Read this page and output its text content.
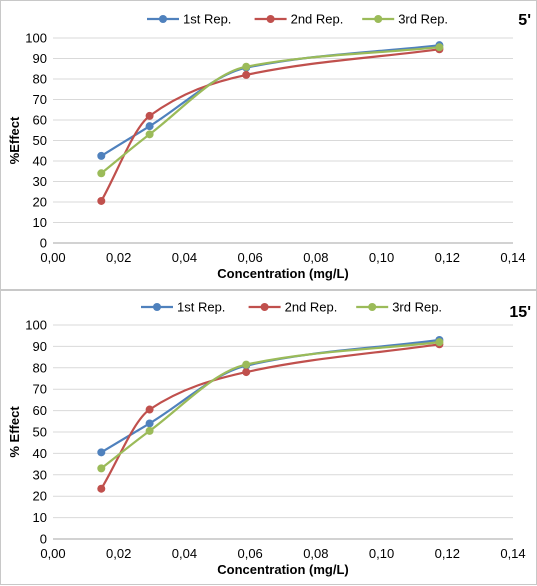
0
10
20
30
40
50
60
70
80
90
100
0,00	0,02	0,04	0,06	0,08	0,10	0,12	0,14
Concentration (mg/L)
%Effect
1st Rep.	2nd Rep.	3rd Rep.	5'
0
10
20
30
40
50
60
70
80
90
100
0,00	0,02	0,04	0,06	0,08	0,10	0,12	0,14
Concentration (mg/L)
% Effect
1st Rep.	2nd Rep.	3rd Rep.	15'
